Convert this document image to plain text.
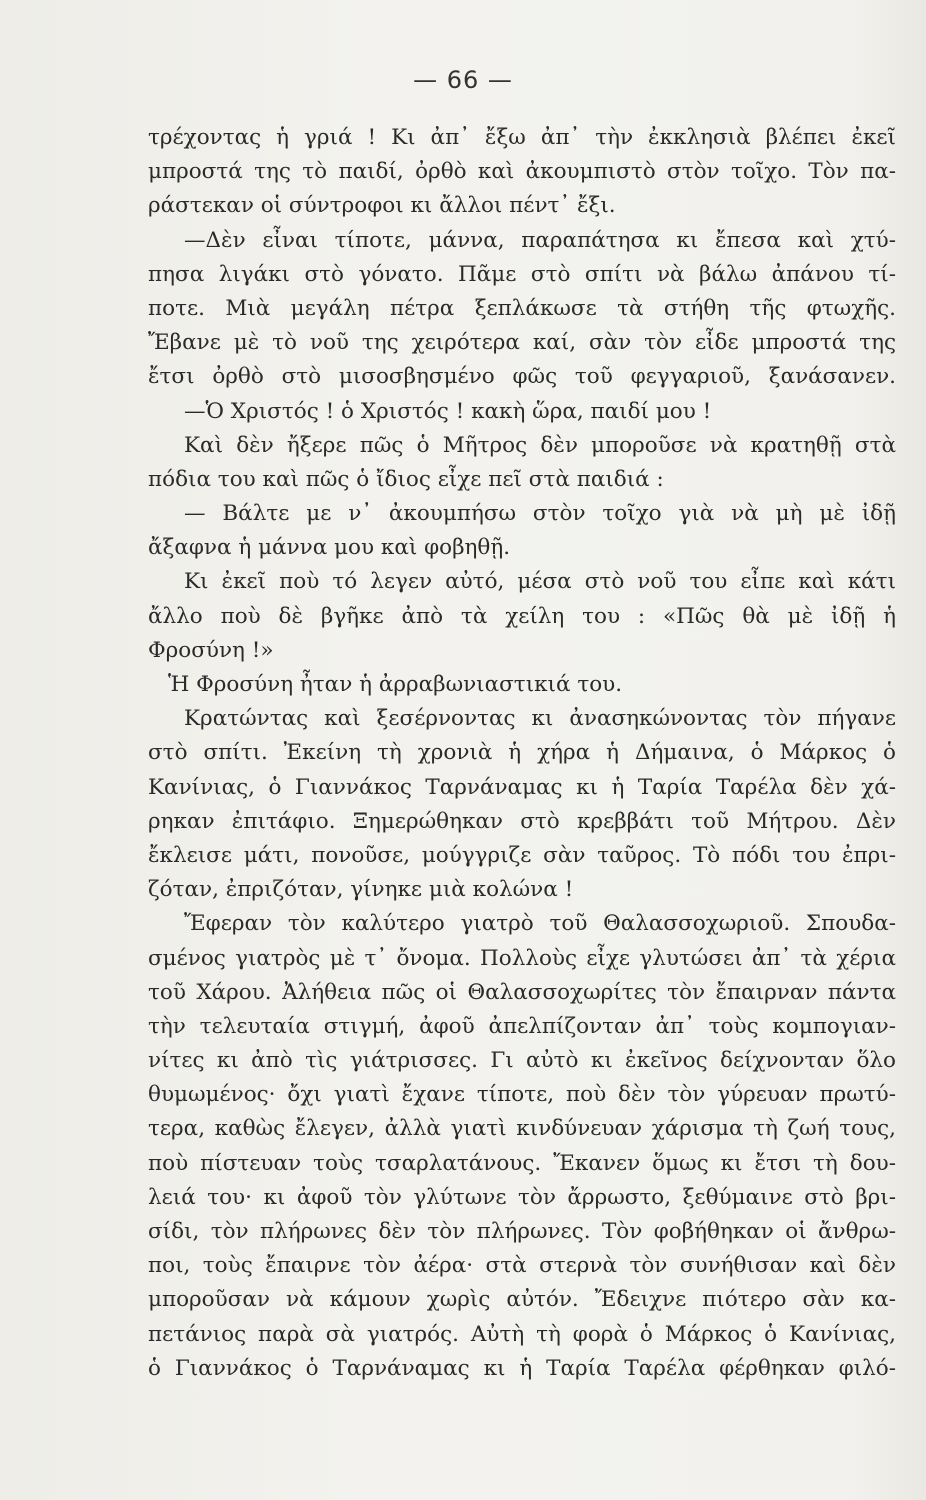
— 66 —
τρέχοντας ἡ γριά ! Κι ἀπ᾽ ἔξω ἀπ᾽ τὴν ἐκκλησιὰ βλέπει ἐκεῖ
μπροστά της τὸ παιδί, ὀρθὸ καὶ ἀκουμπιστὸ στὸν τοῖχο. Τὸν πα-
ράστεκαν οἱ σύντροφοι κι ἄλλοι πέντ᾽ ἔξι.
—Δὲν εἶναι τίποτε, μάννα, παραπάτησα κι ἔπεσα καὶ χτύ-
πησα λιγάκι στὸ γόνατο. Πᾶμε στὸ σπίτι νὰ βάλω ἀπάνου τί-
ποτε. Μιὰ μεγάλη πέτρα ξεπλάκωσε τὰ στήθη τῆς φτωχῆς.
Ἔβανε μὲ τὸ νοῦ της χειρότερα καί, σὰν τὸν εἶδε μπροστά της
ἔτσι ὀρθὸ στὸ μισοσβησμένο φῶς τοῦ φεγγαριοῦ, ξανάσανεν.
—Ὁ Χριστός ! ὁ Χριστός ! κακὴ ὥρα, παιδί μου !
Καὶ δὲν ἤξερε πῶς ὁ Μῆτρος δὲν μποροῦσε νὰ κρατηθῇ στὰ
πόδια του καὶ πῶς ὁ ἴδιος εἶχε πεῖ στὰ παιδιά :
— Βάλτε με ν᾽ ἀκουμπήσω στὸν τοῖχο γιὰ νὰ μὴ μὲ ἰδῇ
ἄξαφνα ἡ μάννα μου καὶ φοβηθῇ.
Κι ἐκεῖ ποὺ τό λεγεν αὐτό, μέσα στὸ νοῦ του εἶπε καὶ κάτι
ἄλλο ποὺ δὲ βγῆκε ἀπὸ τὰ χείλη του : «Πῶς θὰ μὲ ἰδῇ ἡ
Φροσύνη !»
Ἡ Φροσύνη ἦταν ἡ ἀρραβωνιαστικιά του.
Κρατώντας καὶ ξεσέρνοντας κι ἀνασηκώνοντας τὸν πήγανε
στὸ σπίτι. Ἐκείνη τὴ χρονιὰ ἡ χήρα ἡ Δήμαινα, ὁ Μάρκος ὁ
Κανίνιας, ὁ Γιαννάκος Ταρνάναμας κι ἡ Ταρία Ταρέλα δὲν χά-
ρηκαν ἐπιτάφιο. Ξημερώθηκαν στὸ κρεββάτι τοῦ Μήτρου. Δὲν
ἔκλεισε μάτι, πονοῦσε, μούγγριζε σὰν ταῦρος. Τὸ πόδι του ἐπρι-
ζόταν, ἐπριζόταν, γίνηκε μιὰ κολώνα !
Ἔφεραν τὸν καλύτερο γιατρὸ τοῦ Θαλασσοχωριοῦ. Σπουδα-
σμένος γιατρὸς μὲ τ᾽ ὄνομα. Πολλοὺς εἶχε γλυτώσει ἀπ᾽ τὰ χέρια
τοῦ Χάρου. Ἀλήθεια πῶς οἱ Θαλασσοχωρίτες τὸν ἔπαιρναν πάντα
τὴν τελευταία στιγμή, ἀφοῦ ἀπελπίζονταν ἀπ᾽ τοὺς κομπογιαν-
νίτες κι ἀπὸ τὶς γιάτρισσες. Γι αὐτὸ κι ἐκεῖνος δείχνονταν ὅλο
θυμωμένος· ὄχι γιατὶ ἔχανε τίποτε, ποὺ δὲν τὸν γύρευαν πρωτύ-
τερα, καθὼς ἔλεγεν, ἀλλὰ γιατὶ κινδύνευαν χάρισμα τὴ ζωή τους,
ποὺ πίστευαν τοὺς τσαρλατάνους. Ἔκανεν ὅμως κι ἔτσι τὴ δου-
λειά του· κι ἀφοῦ τὸν γλύτωνε τὸν ἄρρωστο, ξεθύμαινε στὸ βρι-
σίδι, τὸν πλήρωνες δὲν τὸν πλήρωνες. Τὸν φοβήθηκαν οἱ ἄνθρω-
ποι, τοὺς ἔπαιρνε τὸν ἀέρα· στὰ στερνὰ τὸν συνήθισαν καὶ δὲν
μποροῦσαν νὰ κάμουν χωρὶς αὐτόν. Ἔδειχνε πιότερο σὰν κα-
πετάνιος παρὰ σὰ γιατρός. Αὐτὴ τὴ φορὰ ὁ Μάρκος ὁ Κανίνιας,
ὁ Γιαννάκος ὁ Ταρνάναμας κι ἡ Ταρία Ταρέλα φέρθηκαν φιλό-
